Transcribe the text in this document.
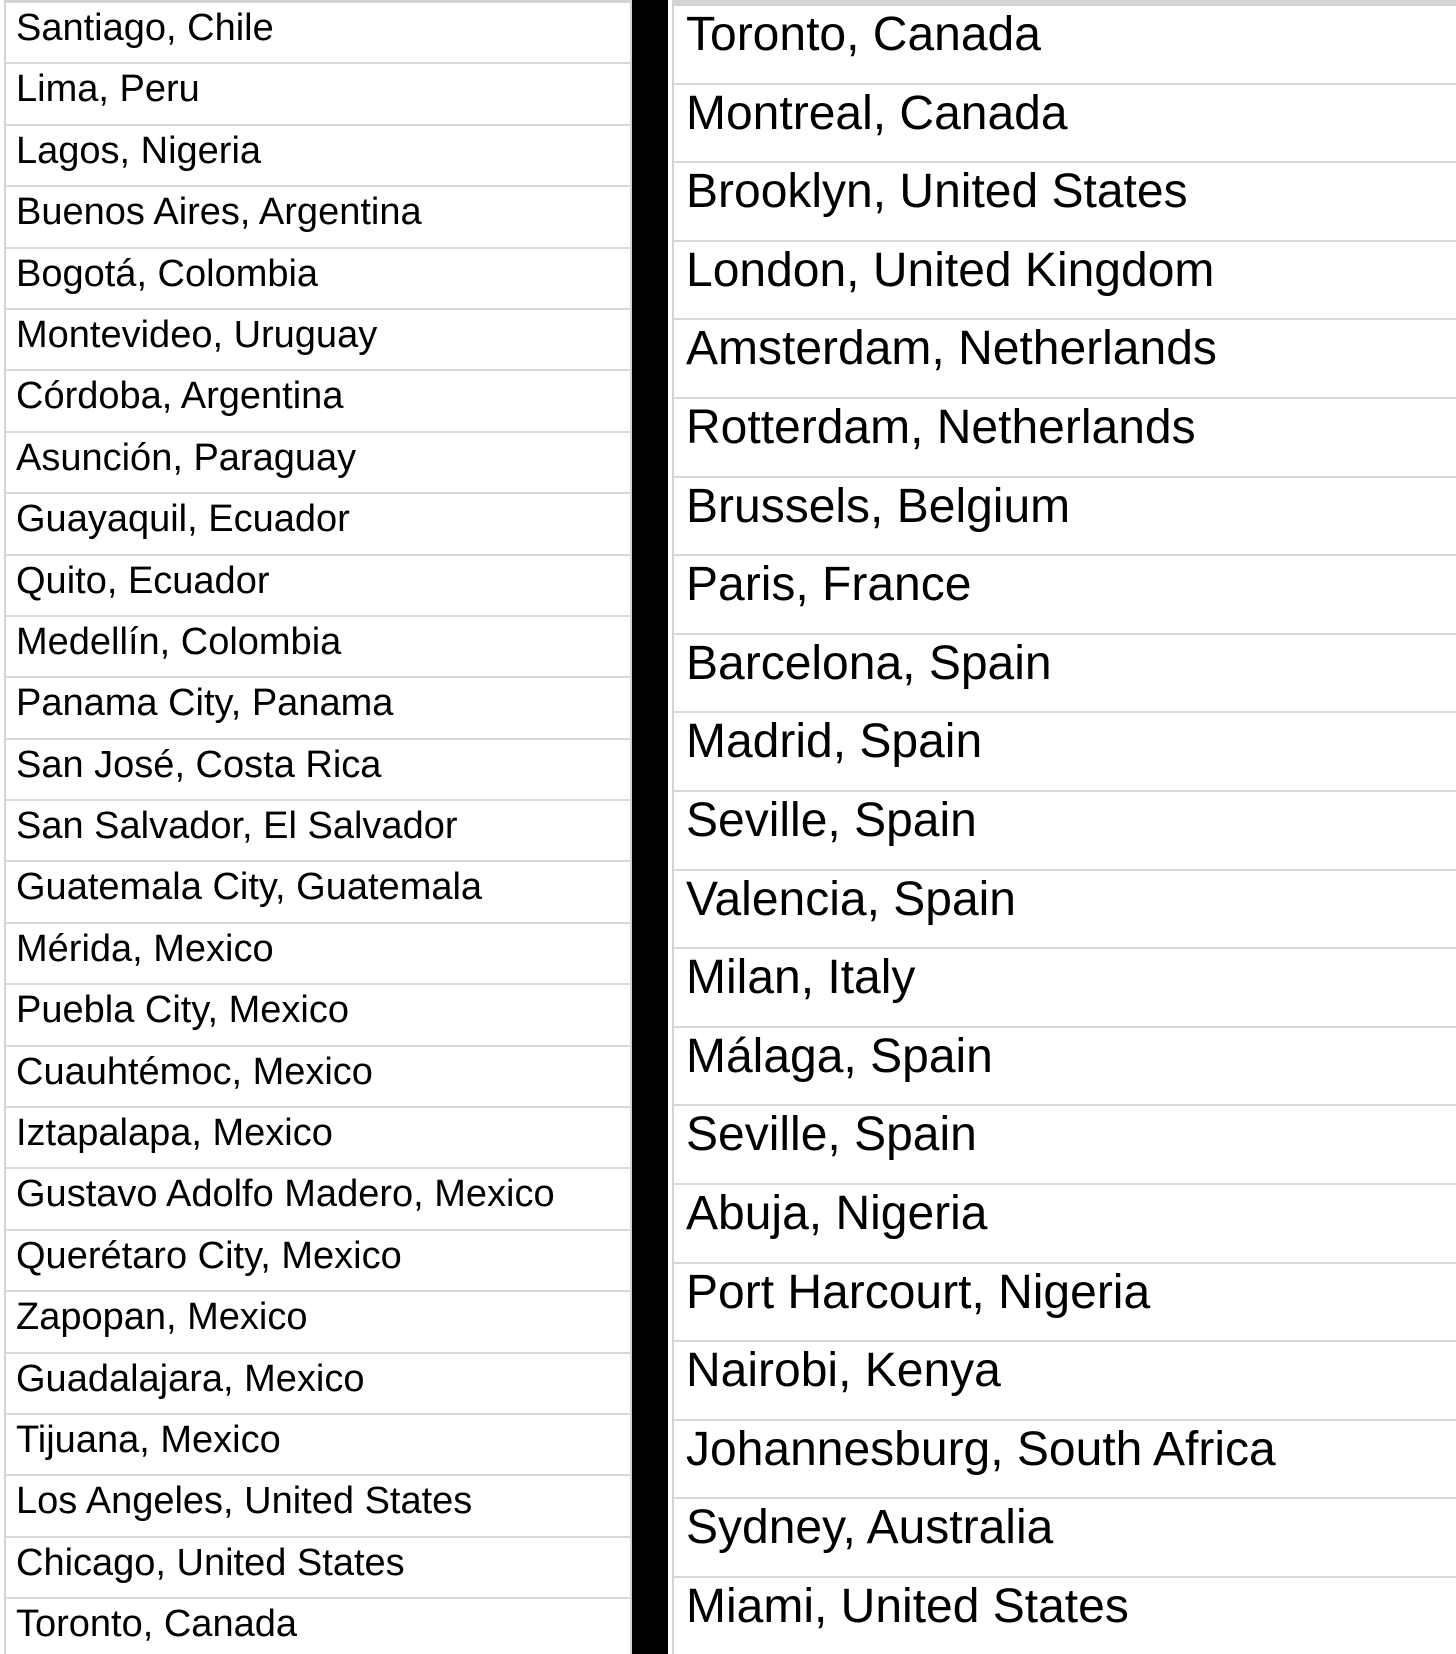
Santiago, Chile
Lima, Peru
Lagos, Nigeria
Buenos Aires, Argentina
Bogotá, Colombia
Montevideo, Uruguay
Córdoba, Argentina
Asunción, Paraguay
Guayaquil, Ecuador
Quito, Ecuador
Medellín, Colombia
Panama City, Panama
San José, Costa Rica
San Salvador, El Salvador
Guatemala City, Guatemala
Mérida, Mexico
Puebla City, Mexico
Cuauhtémoc, Mexico
Iztapalapa, Mexico
Gustavo Adolfo Madero, Mexico
Querétaro City, Mexico
Zapopan, Mexico
Guadalajara, Mexico
Tijuana, Mexico
Los Angeles, United States
Chicago, United States
Toronto, Canada
Toronto, Canada
Montreal, Canada
Brooklyn, United States
London, United Kingdom
Amsterdam, Netherlands
Rotterdam, Netherlands
Brussels, Belgium
Paris, France
Barcelona, Spain
Madrid, Spain
Seville, Spain
Valencia, Spain
Milan, Italy
Málaga, Spain
Seville, Spain
Abuja, Nigeria
Port Harcourt, Nigeria
Nairobi, Kenya
Johannesburg, South Africa
Sydney, Australia
Miami, United States
